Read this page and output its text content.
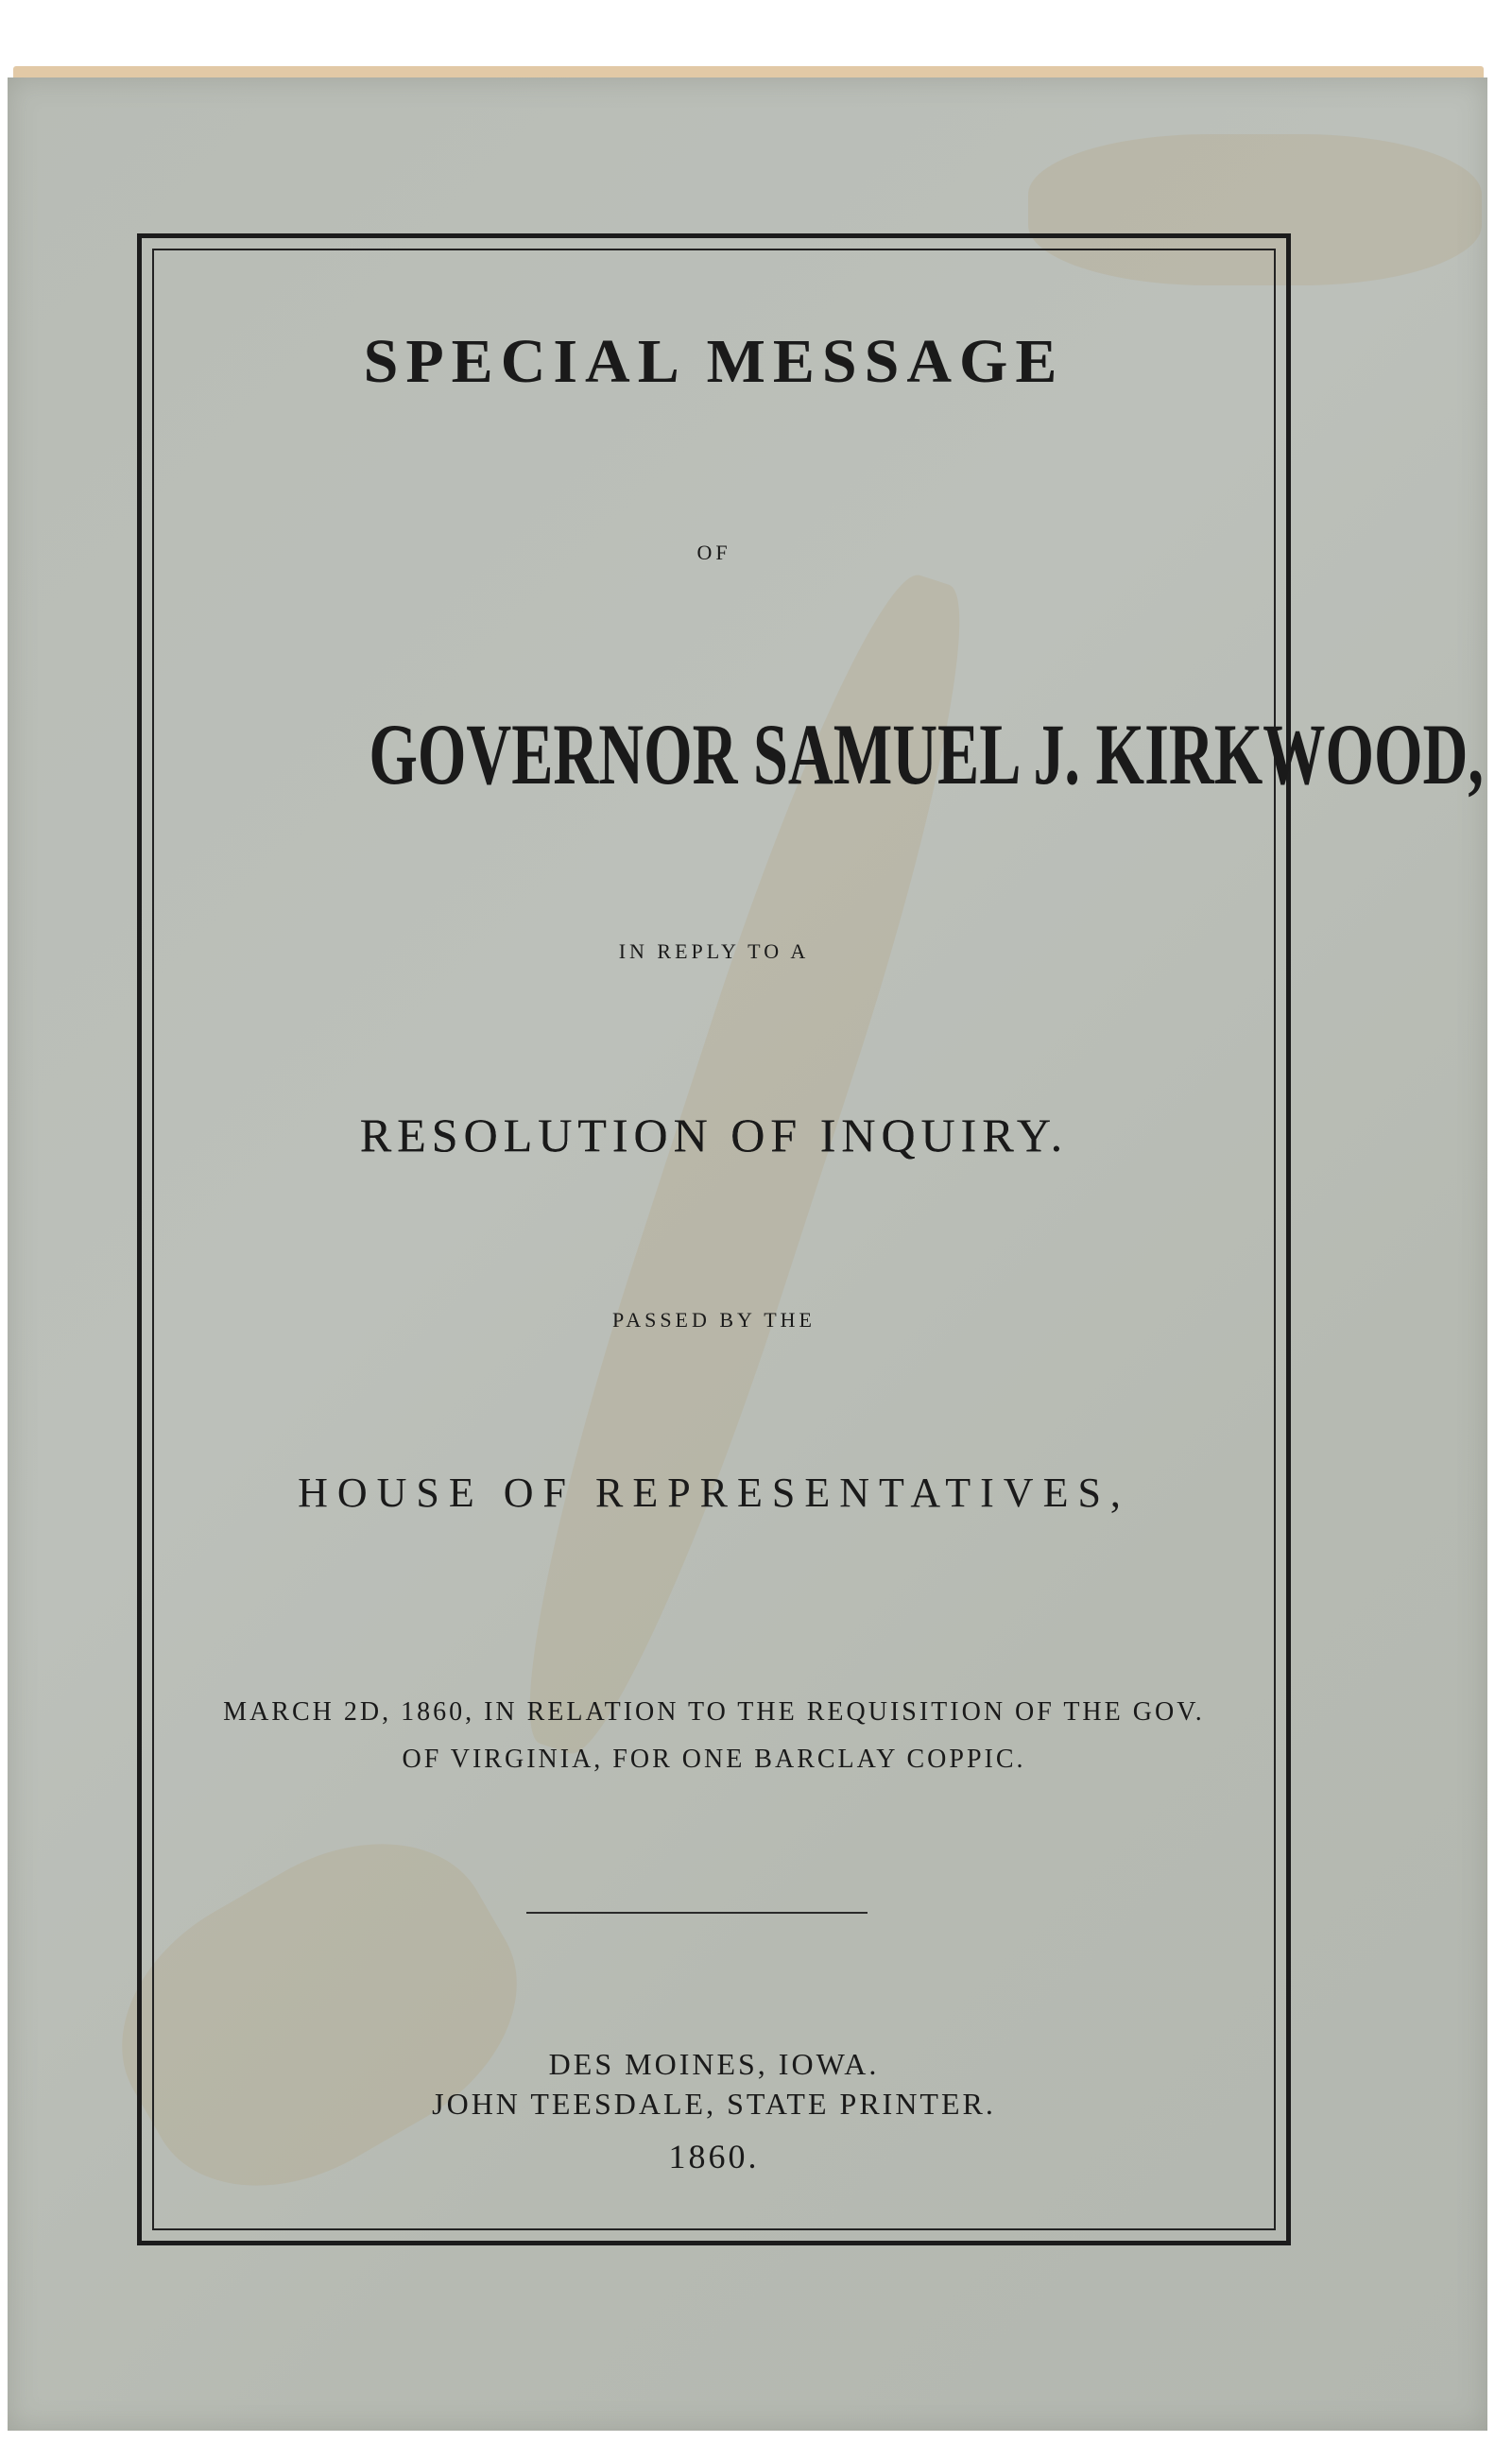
SPECIAL MESSAGE
OF
GOVERNOR SAMUEL J. KIRKWOOD,
IN REPLY TO A
RESOLUTION OF INQUIRY.
PASSED BY THE
HOUSE OF REPRESENTATIVES,
MARCH 2D, 1860, IN RELATION TO THE REQUISITION OF THE GOV.
OF VIRGINIA, FOR ONE BARCLAY COPPIC.
DES MOINES, IOWA.
JOHN TEESDALE, STATE PRINTER.
1860.
